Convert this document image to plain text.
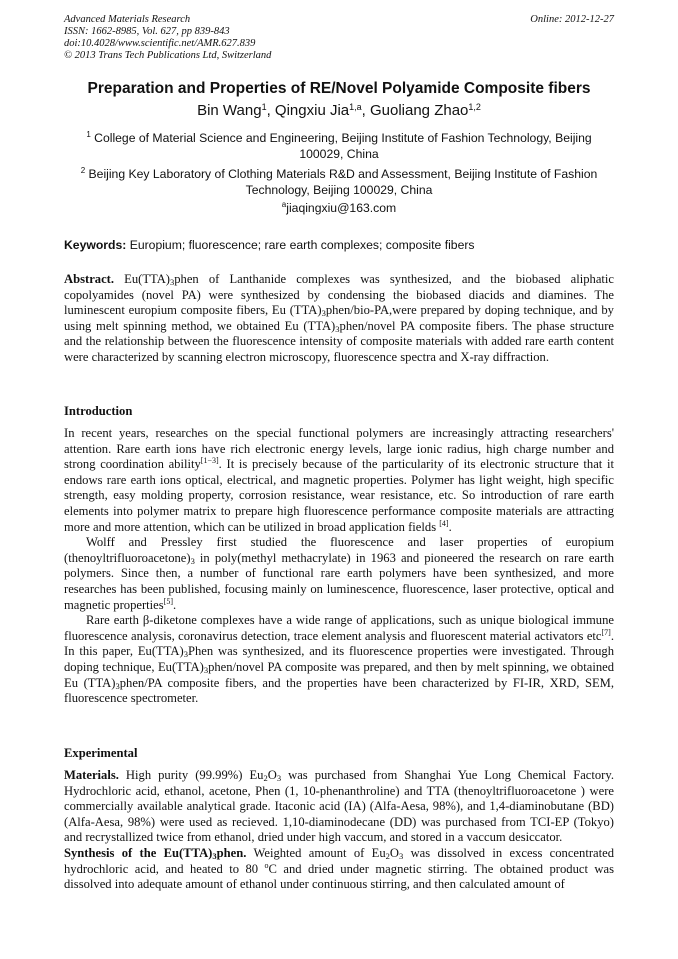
Advanced Materials Research
ISSN: 1662-8985, Vol. 627, pp 839-843
doi:10.4028/www.scientific.net/AMR.627.839
© 2013 Trans Tech Publications Ltd, Switzerland
Online: 2012-12-27
Preparation and Properties of RE/Novel Polyamide Composite fibers
Bin Wang$^1$, Qingxiu Jia$^{1,a}$, Guoliang Zhao$^{1,2}$
$^1$ College of Material Science and Engineering, Beijing Institute of Fashion Technology, Beijing 100029, China
$^2$ Beijing Key Laboratory of Clothing Materials R&D and Assessment, Beijing Institute of Fashion Technology, Beijing 100029, China
$^a$jiaqingxiu@163.com
Keywords: Europium; fluorescence; rare earth complexes; composite fibers

Abstract. $Eu(TTA)_3phen$ of Lanthanide complexes was synthesized, and the biobased aliphatic copolyamides (novel PA) were synthesized by condensing the biobased diacids and diamines. The luminescent europium composite fibers, Eu $(TTA)_3phen/bio-PA,were$ prepared by doping technique, and by using melt spinning method, we obtained Eu $(TTA)_3phen$/novel PA composite fibers. The phase structure and the relationship between the fluorescence intensity of composite materials with added rare earth content were characterized by scanning electron microscopy, fluorescence spectra and X-ray diffraction.

Introduction

In recent years, researches on the special functional polymers are increasingly attracting researchers' attention. Rare earth ions have rich electronic energy levels, large ionic radius, high charge number and strong coordination ability[1−3]. It is precisely because of the particularity of its electronic structure that it endows rare earth ions optical, electrical, and magnetic properties. Polymer has light weight, high specific strength, easy molding property, corrosion resistance, wear resistance, etc. So introduction of rare earth elements into polymer matrix to prepare high fluorescence performance composite materials are attracting more and more attention, which can be utilized in broad application fields [4].

Wolff and Pressley first studied the fluorescence and laser properties of europium $(thenoyltrifluoroacetone)_3$ in poly(methyl methacrylate) in 1963 and pioneered the research on rare earth polymers. Since then, a number of functional rare earth polymers have been synthesized, and more researches has been published, focusing mainly on luminescence, fluorescence, laser protective, optical and magnetic properties[5].

Rare earth β-diketone complexes have a wide range of applications, such as unique biological immune fluorescence analysis, coronavirus detection, trace element analysis and fluorescent material activators etc[7]. In this paper, $Eu(TTA)_3Phen$ was synthesized, and its fluorescence properties were investigated. Through doping technique, $Eu(TTA)_3phen$/novel PA composite was prepared, and then by melt spinning, we obtained Eu $(TTA)_3phen/PA$ composite fibers, and the properties have been characterized by FI-IR, XRD, SEM, fluorescence spectrometer.

Experimental

Materials. High purity (99.99%) $Eu_2O_3$ was purchased from Shanghai Yue Long Chemical Factory. Hydrochloric acid, ethanol, acetone, Phen (1, 10-phenanthroline) and TTA (thenoyltrifluoroacetone ) were commercially available analytical grade. Itaconic acid (IA) (Alfa-Aesa, 98%), and 1,4-diaminobutane (BD) (Alfa-Aesa, 98%) were used as recieved. 1,10-diaminodecane (DD) was purchased from TCI-EP (Tokyo) and recrystallized twice from ethanol, dried under high vaccum, and stored in a vaccum desiccator.

Synthesis of the $Eu(TTA)_3phen$. Weighted amount of $Eu_2O_3$ was dissolved in excess concentrated hydrochloric acid, and heated to 80 $^o$C and dried under magnetic stirring. The obtained product was dissolved into adequate amount of ethanol under continuous stirring, and then calculated amount of
